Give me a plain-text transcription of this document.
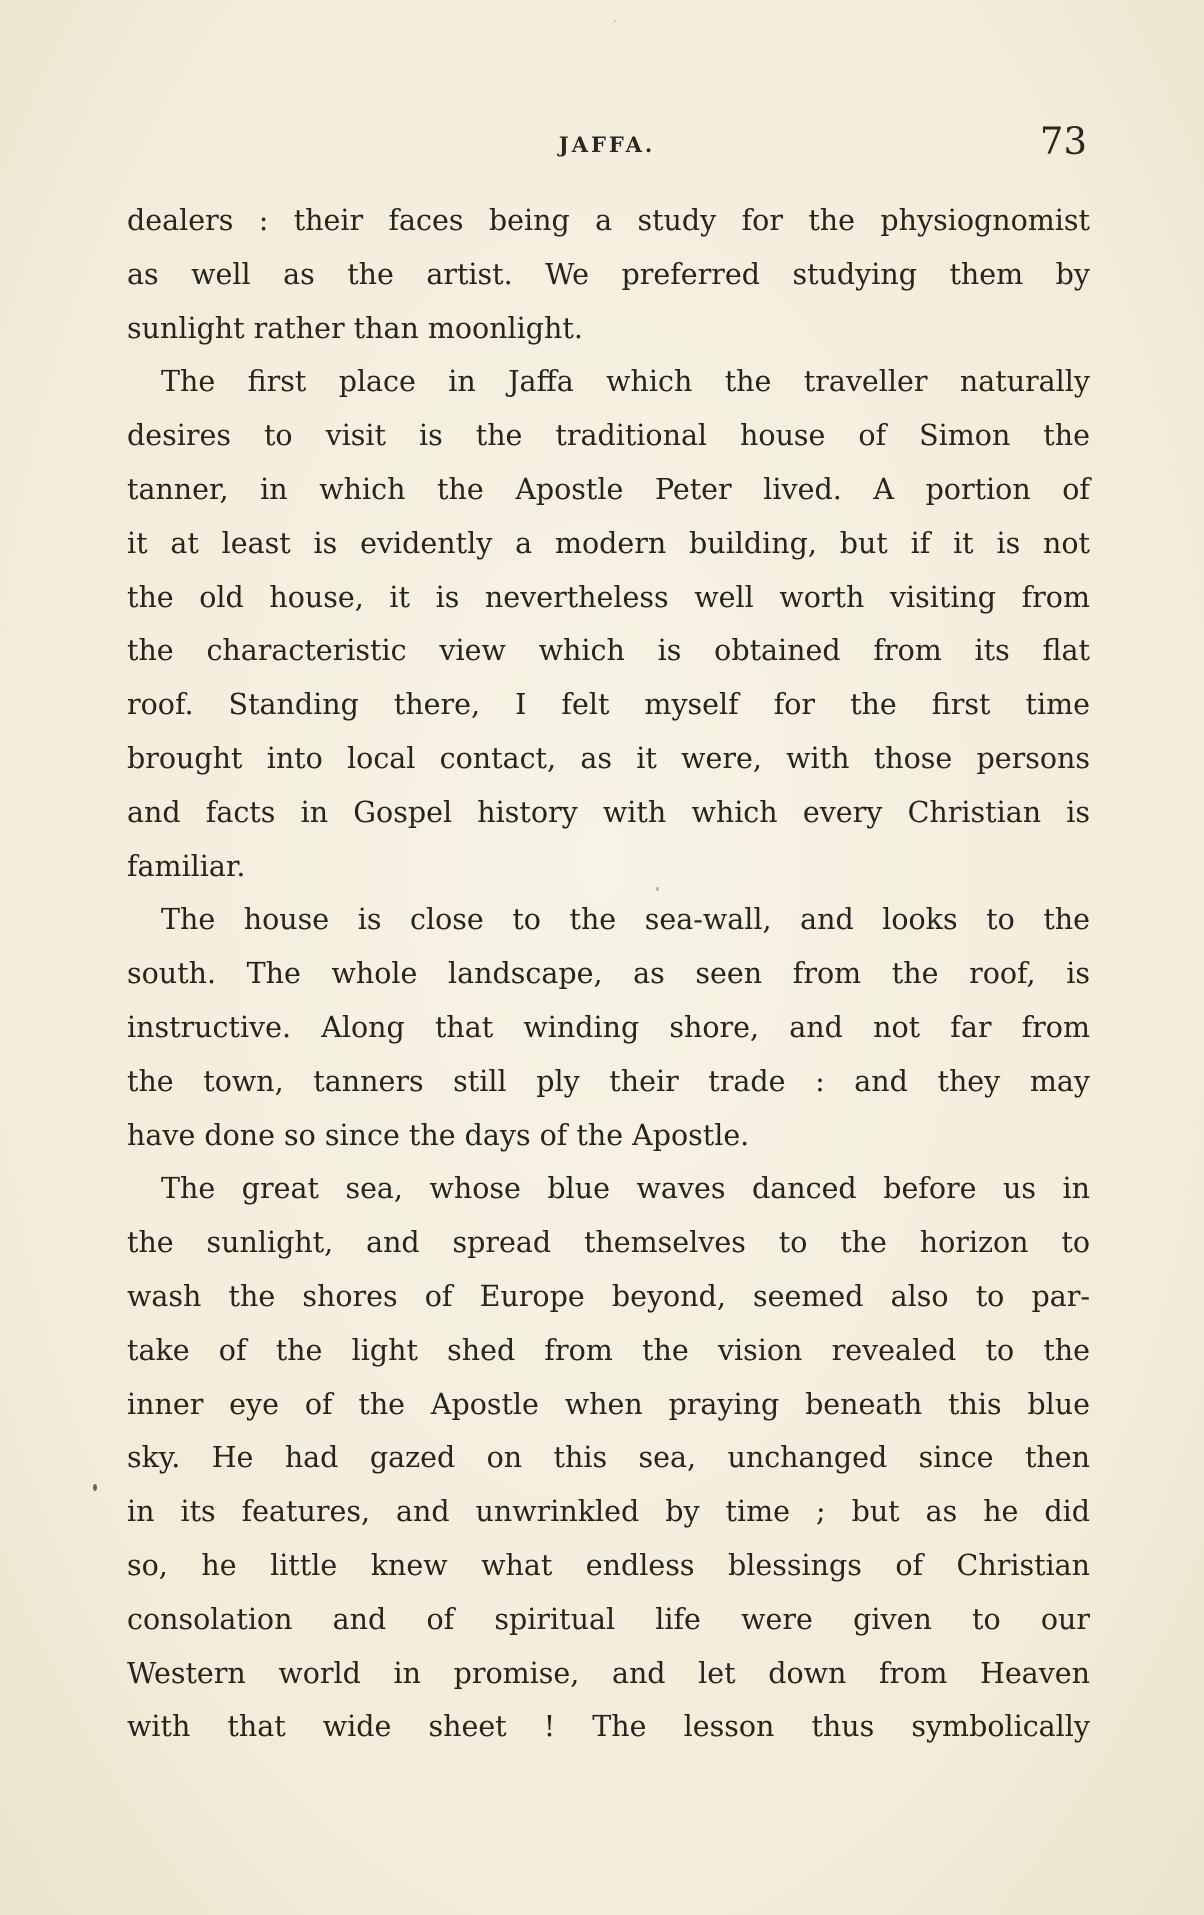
JAFFA.	73
dealers : their faces being a study for the physiognomist
as well as the artist. We preferred studying them by
sunlight rather than moonlight.
The first place in Jaffa which the traveller naturally
desires to visit is the traditional house of Simon the
tanner, in which the Apostle Peter lived. A portion of
it at least is evidently a modern building, but if it is not
the old house, it is nevertheless well worth visiting from
the characteristic view which is obtained from its flat
roof. Standing there, I felt myself for the first time
brought into local contact, as it were, with those persons
and facts in Gospel history with which every Christian is
familiar.
The house is close to the sea-wall, and looks to the
south. The whole landscape, as seen from the roof, is
instructive. Along that winding shore, and not far from
the town, tanners still ply their trade : and they may
have done so since the days of the Apostle.
The great sea, whose blue waves danced before us in
the sunlight, and spread themselves to the horizon to
wash the shores of Europe beyond, seemed also to par-
take of the light shed from the vision revealed to the
inner eye of the Apostle when praying beneath this blue
sky. He had gazed on this sea, unchanged since then
in its features, and unwrinkled by time ; but as he did
so, he little knew what endless blessings of Christian
consolation and of spiritual life were given to our
Western world in promise, and let down from Heaven
with that wide sheet ! The lesson thus symbolically
